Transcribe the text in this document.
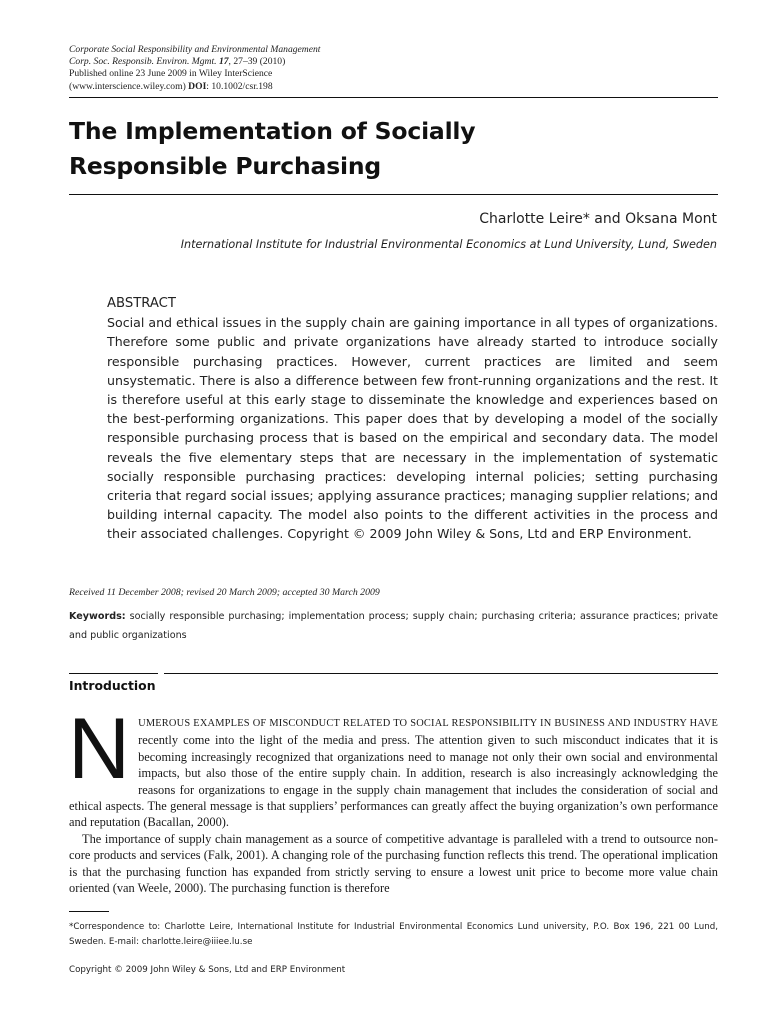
Corporate Social Responsibility and Environmental Management
Corp. Soc. Responsib. Environ. Mgmt. 17, 27–39 (2010)
Published online 23 June 2009 in Wiley InterScience
(www.interscience.wiley.com) DOI: 10.1002/csr.198
The Implementation of Socially
Responsible Purchasing
Charlotte Leire* and Oksana Mont
International Institute for Industrial Environmental Economics at Lund University, Lund, Sweden
ABSTRACT
Social and ethical issues in the supply chain are gaining importance in all types of organizations. Therefore some public and private organizations have already started to introduce socially responsible purchasing practices. However, current practices are limited and seem unsystematic. There is also a difference between few front-running organizations and the rest. It is therefore useful at this early stage to disseminate the knowledge and experiences based on the best-performing organizations. This paper does that by developing a model of the socially responsible purchasing process that is based on the empirical and secondary data. The model reveals the five elementary steps that are necessary in the implementation of systematic socially responsible purchasing practices: developing internal policies; setting purchasing criteria that regard social issues; applying assurance practices; managing supplier relations; and building internal capacity. The model also points to the different activities in the process and their associated challenges. Copyright © 2009 John Wiley & Sons, Ltd and ERP Environment.
Received 11 December 2008; revised 20 March 2009; accepted 30 March 2009
Keywords: socially responsible purchasing; implementation process; supply chain; purchasing criteria; assurance practices; private and public organizations
Introduction

NUMEROUS EXAMPLES OF MISCONDUCT RELATED TO SOCIAL RESPONSIBILITY IN BUSINESS AND INDUSTRY HAVE recently come into the light of the media and press. The attention given to such misconduct indicates that it is becoming increasingly recognized that organizations need to manage not only their own social and environmental impacts, but also those of the entire supply chain. In addition, research is also increasingly acknowledging the reasons for organizations to engage in the supply chain management that includes the consideration of social and ethical aspects. The general message is that suppliers’ performances can greatly affect the buying organization’s own performance and reputation (Bacallan, 2000).

The importance of supply chain management as a source of competitive advantage is paralleled with a trend to outsource non-core products and services (Falk, 2001). A changing role of the purchasing function reflects this trend. The operational implication is that the purchasing function has expanded from strictly serving to ensure a lowest unit price to become more value chain oriented (van Weele, 2000). The purchasing function is therefore

*Correspondence to: Charlotte Leire, International Institute for Industrial Environmental Economics Lund university, P.O. Box 196, 221 00 Lund, Sweden. E-mail: charlotte.leire@iiiee.lu.se
Copyright © 2009 John Wiley & Sons, Ltd and ERP Environment
